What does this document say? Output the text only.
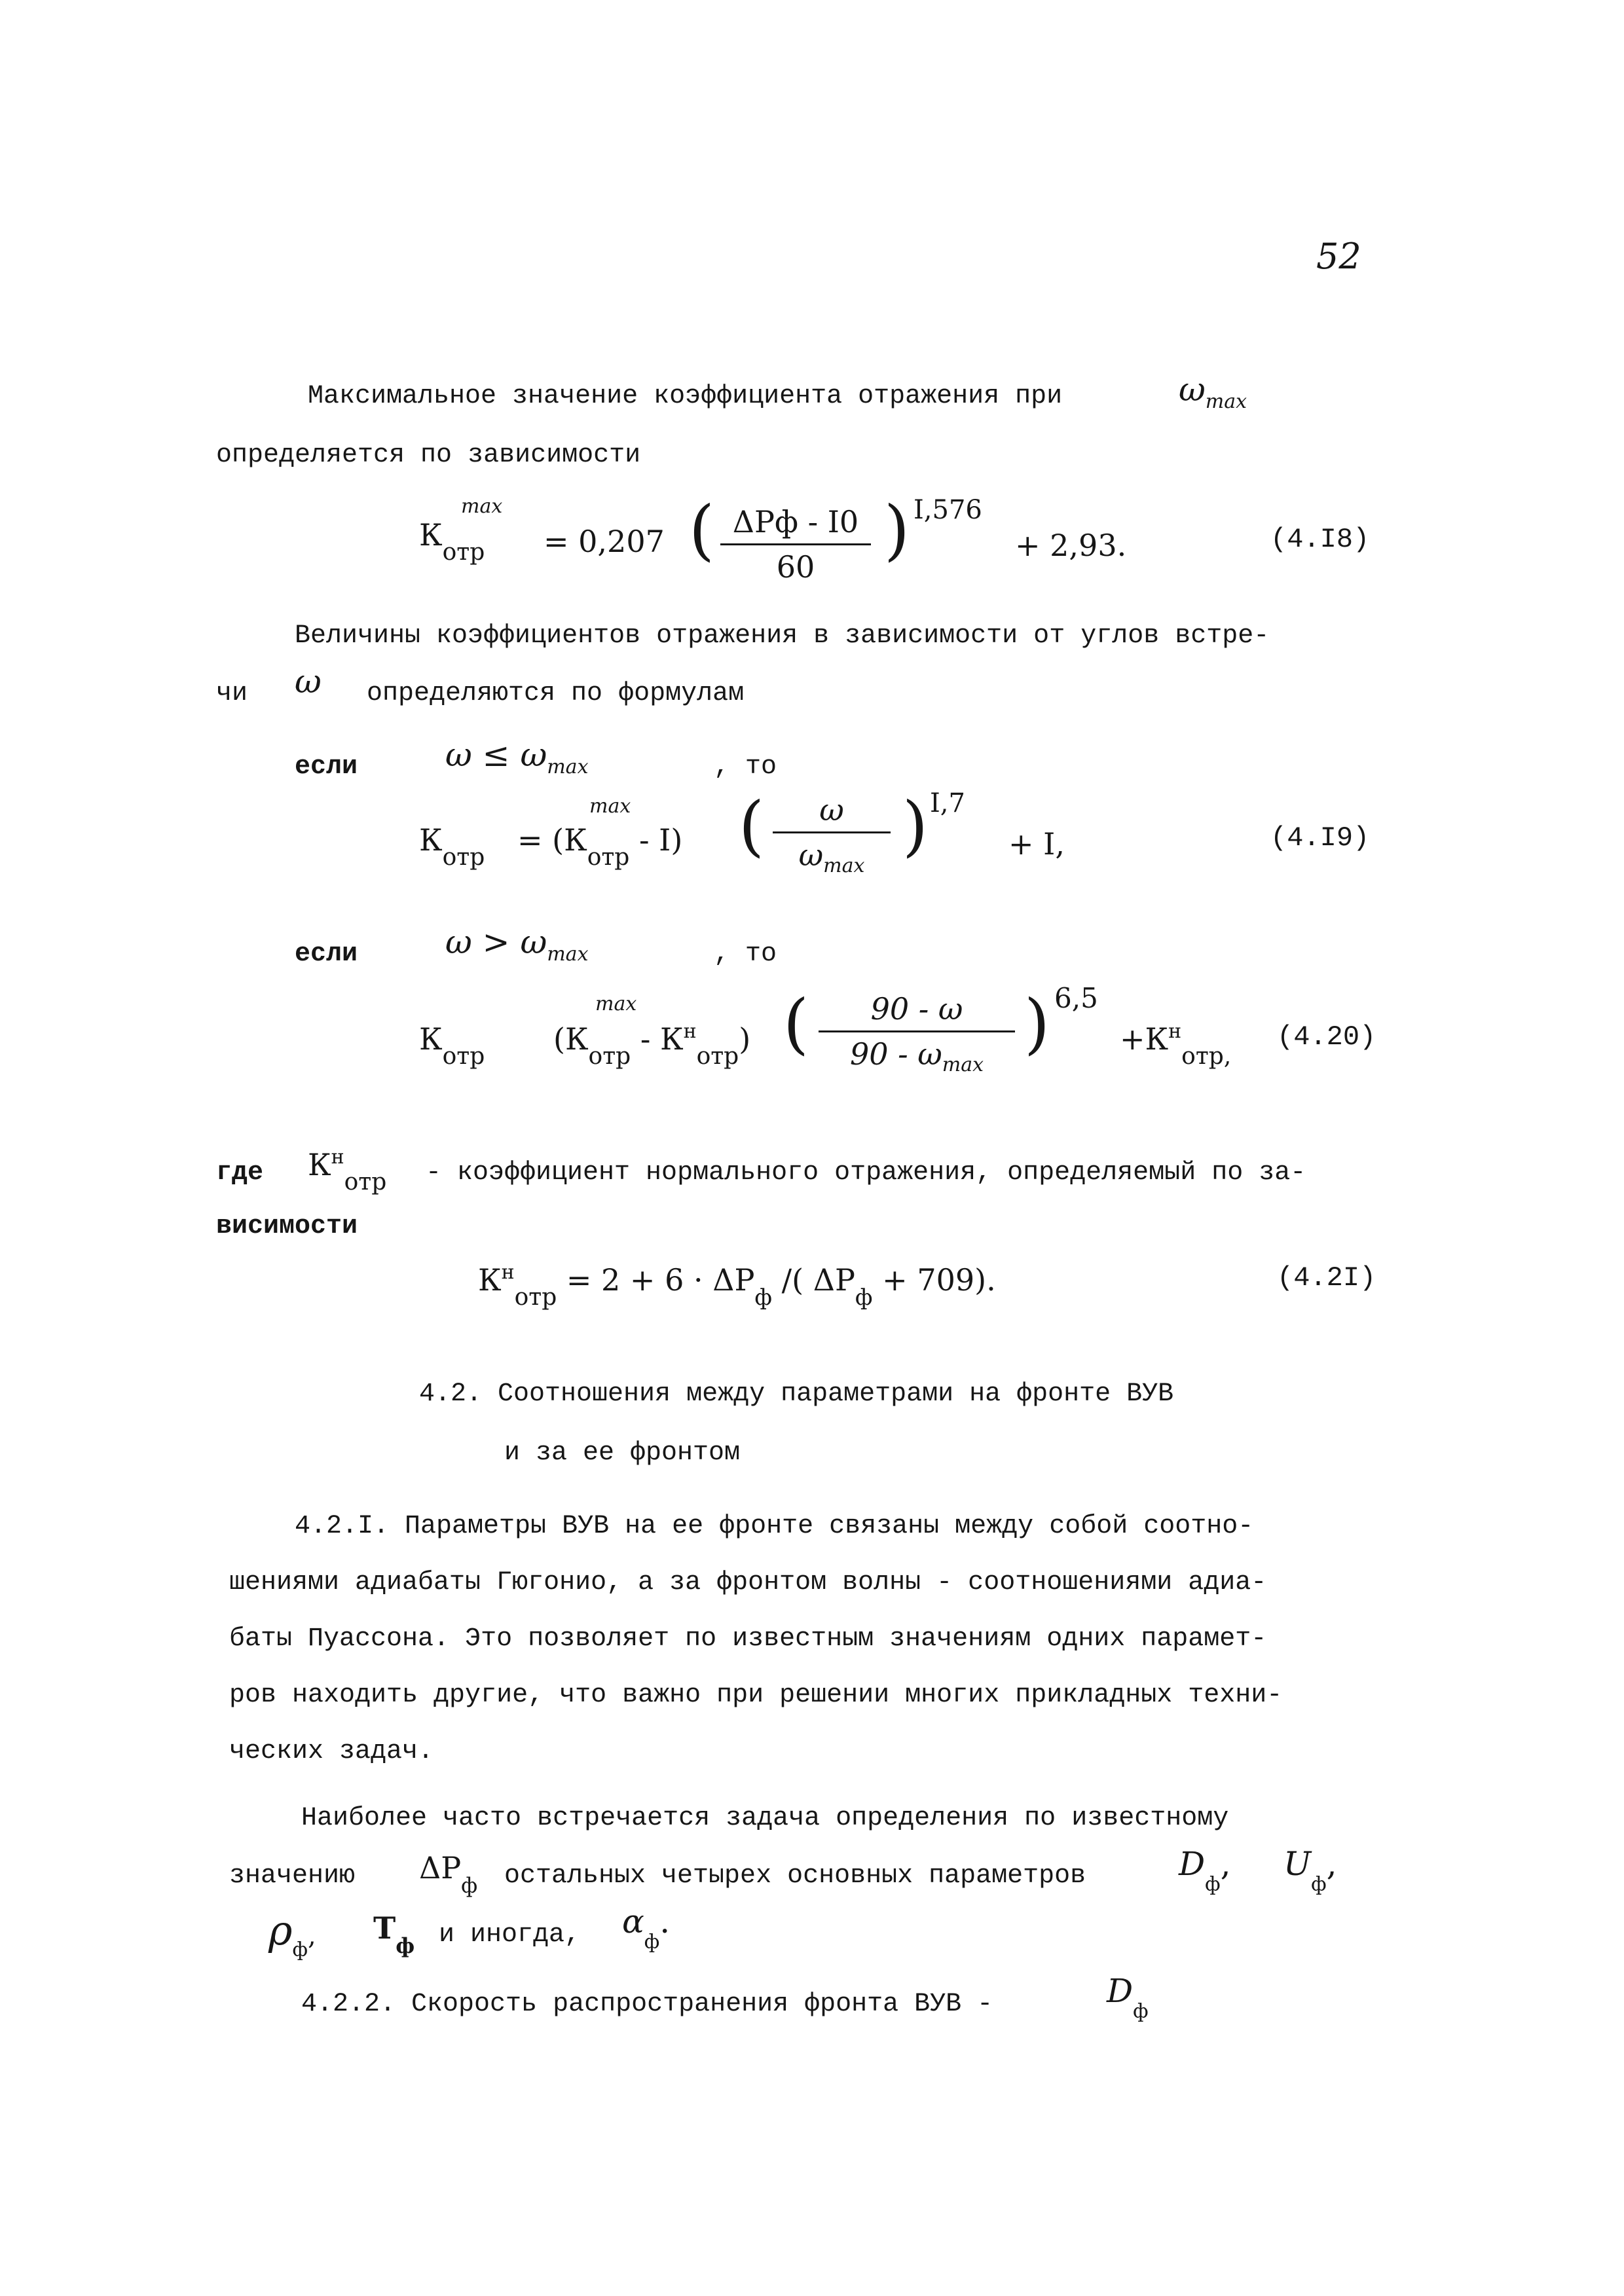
52
Максимальное значение коэффициента отражения при	$\omega_{max}$
определяется по зависимости
$К_{отр}$
max
= 0,207 ( ΔPф - I0
60 ) I,576
+ 2,93.	(4.I8)
Величины коэффициентов отражения в зависимости от углов встре-
чи ω определяются по формулам
если	$\omega \le \omega_{max}$	, то
$К_{отр} = (К_{отр}$
max
- I) ( ω
$\omega_{max}$
) I,7
+ I,	(4.I9)
если	$\omega > \omega_{max}$	, то
$К_{отр}$ ($К_{отр}$
max
- $К^н_{отр}$) ( 90 - ω
$90 - \omega_{max}$
) 6,5
$+К^н_{отр,}$
(4.20)
где $К^н_{отр}$ - коэффициент нормального отражения, определяемый по за-
висимости
$К^н_{отр} = 2 + 6 \cdot \Delta P_ф$ /( $\Delta P_ф + 709$).	(4.2I)
4.2. Соотношения между параметрами на фронте ВУВ
и за ее фронтом
4.2.I. Параметры ВУВ на ее фронте связаны между собой соотно-
шениями адиабаты Гюгонио, а за фронтом волны - соотношениями адиа-
баты Пуассона. Это позволяет по известным значениям одних парамет-
ров находить другие, что важно при решении многих прикладных техни-
ческих задач.
Наиболее часто встречается задача определения по известному
значению $\Delta P_ф$ остальных четырех основных параметров	$D_ф$, $U_ф$,
$\rho_ф$, $T_ф$ и иногда, $\alpha_ф$.
4.2.2. Скорость распространения фронта ВУВ -	$D_ф$
